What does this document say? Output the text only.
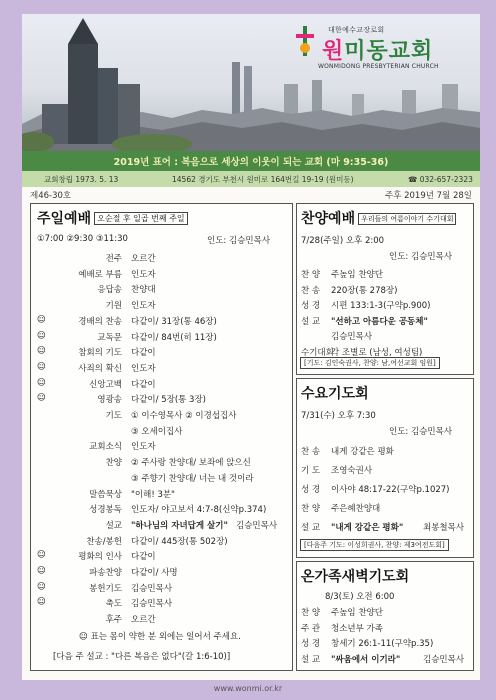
대한예수교장로회
원미동교회
WONMIDONG PRESBYTERIAN CHURCH
2019년 표어 : 복음으로 세상의 이웃이 되는 교회 (마 9:35-36)
교회창립 1973. 5. 13	14562 경기도 부천시 원미로 164번길 19-19 (원미동)	☎ 032-657-2323
제46-30호	주후 2019년 7월 28일
주일예배 오순절 후 일곱 번째 주일
①7:00 ②9:30 ③11:30	인도: 김승민목사
전주 오르간
예배로 부름 인도자
응답송 찬양대
기원 인도자
☺	경배의 찬송 다같이/ 31장(통 46장)
☺	교독문 다같이/ 84번(히 11장)
☺	참회의 기도 다같이
☺	사죄의 확신 인도자
☺	신앙고백 다같이
☺	영광송 다같이/ 5장(통 3장)
기도 ① 이수영목사 ② 이경섭집사
③ 오세이집사
교회소식 인도자
찬양 ② 주사랑 찬양대/ 보좌에 앉으신
③ 주향기 찬양대/ 너는 내 것이라
말씀묵상 "이해! 3분"
성경봉독 인도자/ 야고보서 4:7-8(신약p.374)
설교 "하나님의 자녀답게 살기" 김승민목사
찬송/봉헌 다같이/ 445장(통 502장)
☺	평화의 인사 다같이
☺	파송찬양 다같이/ 사명
☺	봉헌기도 김승민목사
☺	축도 김승민목사
후주 오르간
☺ 표는 몸이 약한 분 외에는 일어서 주세요.
[다음 주 설교 : "다른 복음은 없다"(갈 1:6-10)]
찬양예배 우리들의 여름이야기 수기대회
7/28(주일) 오후 2:00
인도: 김승민목사
찬 양 주높임 찬양단
찬 송 220장(통 278장)
성 경 시편 133:1-3(구약p.900)
설 교 "선하고 아름다운 공동체"
김승민목사
수기대회
각 조별로 (남성, 여성팀)
[기도: 김인숙권사, 찬양: 남,여선교회 임원]
수요기도회
7/31(수) 오후 7:30
인도: 김승민목사
찬 송 내게 강같은 평화
기 도 조영숙권사
성 경 이사야 48:17-22(구약p.1027)
찬 양 주은혜찬양대
설 교 "내게 강같은 평화" 최봉철목사
[다음주 기도: 이성희권사, 찬양: 제3여전도회]
온가족새벽기도회
8/3(토) 오전 6:00
찬 양 주높임 찬양단
주 관 청소년부 가족
성 경 창세기 26:1-11(구약p.35)
설 교 "싸움에서 이기라"	김승민목사
www.wonmi.or.kr
